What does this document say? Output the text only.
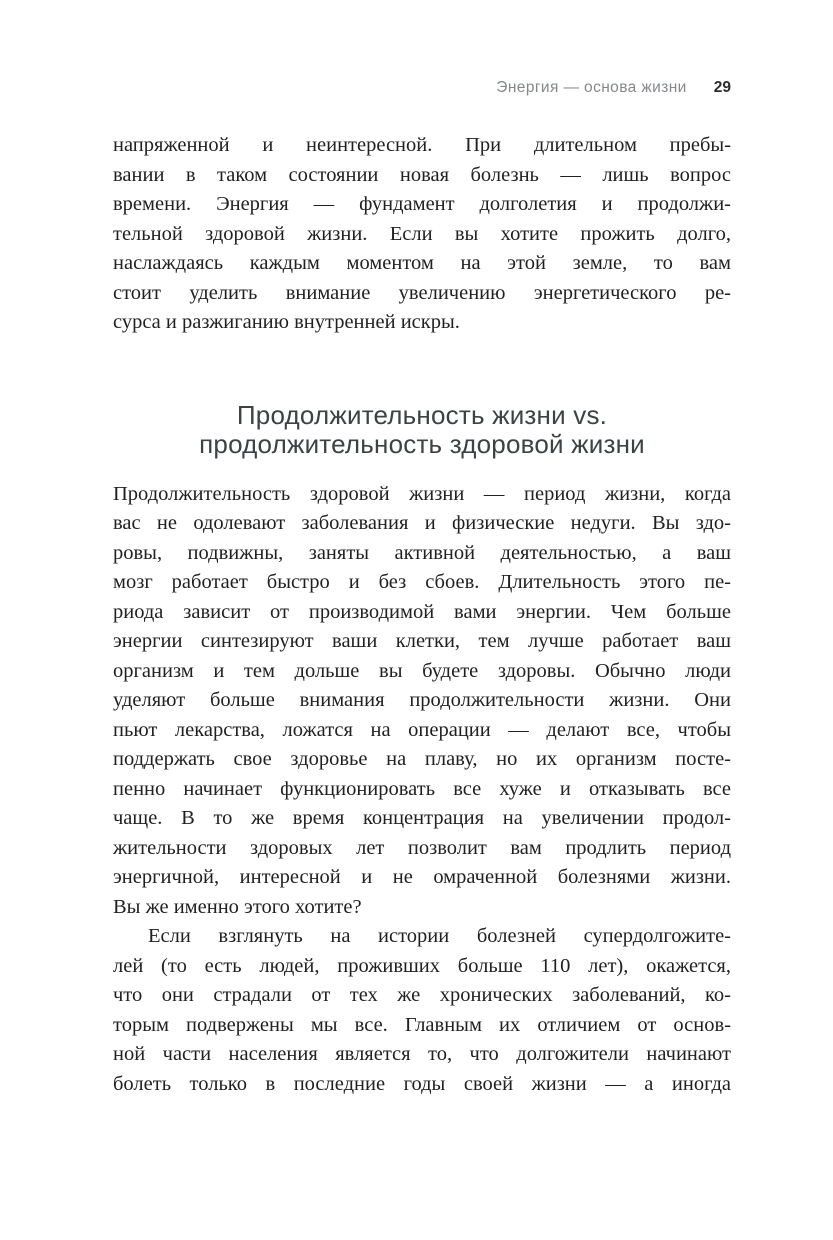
Энергия — основа жизни 29
напряженной и неинтересной. При длительном пребы-
вании в таком состоянии новая болезнь — лишь вопрос
времени. Энергия — фундамент долголетия и продолжи-
тельной здоровой жизни. Если вы хотите прожить долго,
наслаждаясь каждым моментом на этой земле, то вам
стоит уделить внимание увеличению энергетического ре-
сурса и разжиганию внутренней искры.
Продолжительность жизни vs.
продолжительность здоровой жизни
Продолжительность здоровой жизни — период жизни, когда
вас не одолевают заболевания и физические недуги. Вы здо-
ровы, подвижны, заняты активной деятельностью, а ваш
мозг работает быстро и без сбоев. Длительность этого пе-
риода зависит от производимой вами энергии. Чем больше
энергии синтезируют ваши клетки, тем лучше работает ваш
организм и тем дольше вы будете здоровы. Обычно люди
уделяют больше внимания продолжительности жизни. Они
пьют лекарства, ложатся на операции — делают все, чтобы
поддержать свое здоровье на плаву, но их организм посте-
пенно начинает функционировать все хуже и отказывать все
чаще. В то же время концентрация на увеличении продол-
жительности здоровых лет позволит вам продлить период
энергичной, интересной и не омраченной болезнями жизни.
Вы же именно этого хотите?
Если взглянуть на истории болезней супердолгожите-
лей (то есть людей, проживших больше 110 лет), окажется,
что они страдали от тех же хронических заболеваний, ко-
торым подвержены мы все. Главным их отличием от основ-
ной части населения является то, что долгожители начинают
болеть только в последние годы своей жизни — а иногда
